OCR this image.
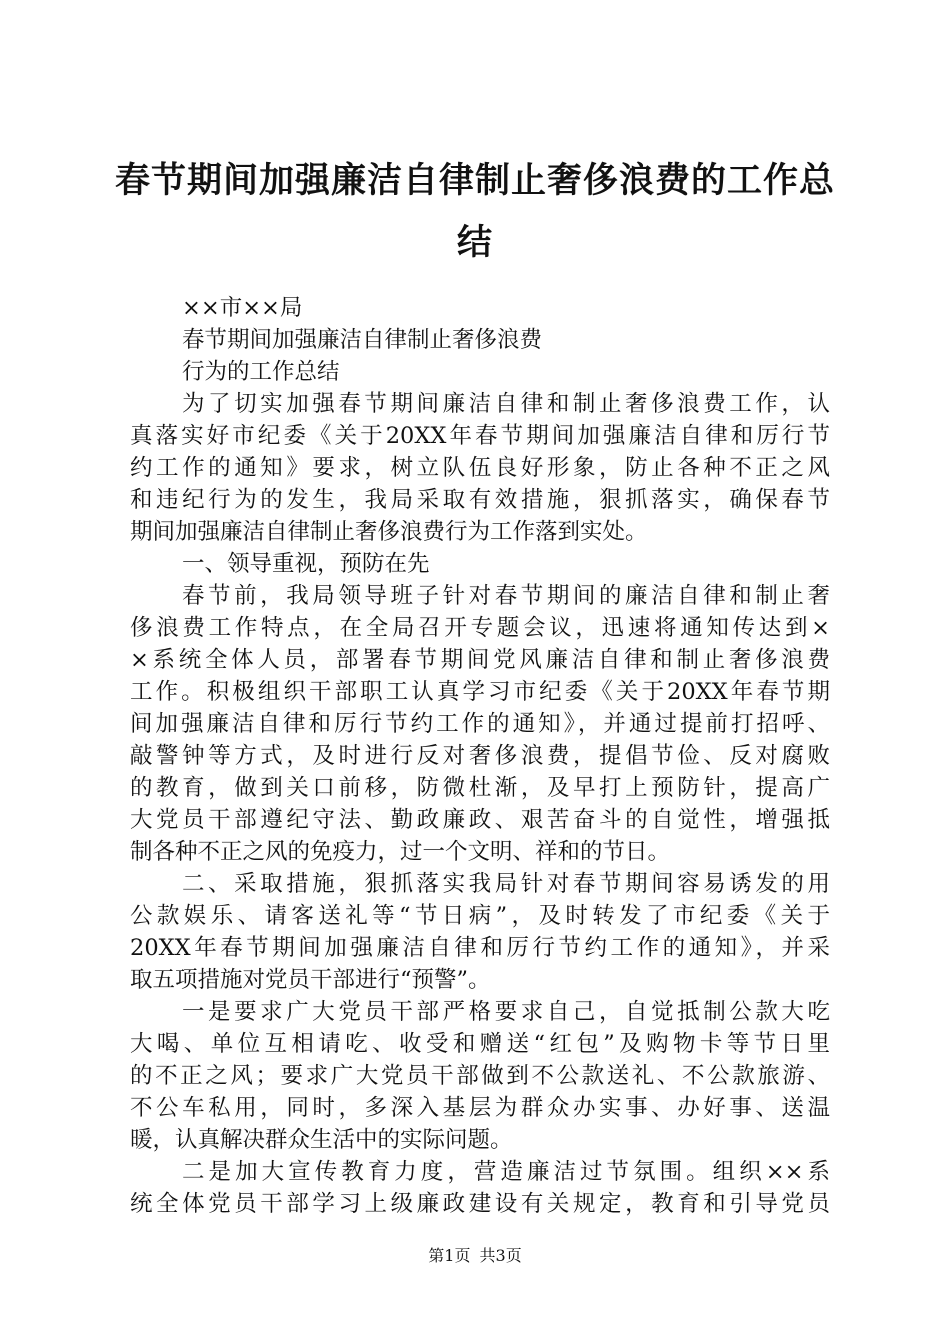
春节期间加强廉洁自律制止奢侈浪费的工作总
结
××市××局
春节期间加强廉洁自律制止奢侈浪费
行为的工作总结
为了切实加强春节期间廉洁自律和制止奢侈浪费工作，认
真落实好市纪委《关于20XX年春节期间加强廉洁自律和厉行节
约工作的通知》要求，树立队伍良好形象，防止各种不正之风
和违纪行为的发生，我局采取有效措施，狠抓落实，确保春节
期间加强廉洁自律制止奢侈浪费行为工作落到实处。
一、领导重视，预防在先
春节前，我局领导班子针对春节期间的廉洁自律和制止奢
侈浪费工作特点，在全局召开专题会议，迅速将通知传达到×
×系统全体人员，部署春节期间党风廉洁自律和制止奢侈浪费
工作。积极组织干部职工认真学习市纪委《关于20XX年春节期
间加强廉洁自律和厉行节约工作的通知》，并通过提前打招呼、
敲警钟等方式，及时进行反对奢侈浪费，提倡节俭、反对腐败
的教育，做到关口前移，防微杜渐，及早打上预防针，提高广
大党员干部遵纪守法、勤政廉政、艰苦奋斗的自觉性，增强抵
制各种不正之风的免疫力，过一个文明、祥和的节日。
二、采取措施，狠抓落实我局针对春节期间容易诱发的用
公款娱乐、请客送礼等“节日病”，及时转发了市纪委《关于
20XX年春节期间加强廉洁自律和厉行节约工作的通知》，并采
取五项措施对党员干部进行“预警”。
一是要求广大党员干部严格要求自己，自觉抵制公款大吃
大喝、单位互相请吃、收受和赠送“红包”及购物卡等节日里
的不正之风；要求广大党员干部做到不公款送礼、不公款旅游、
不公车私用，同时，多深入基层为群众办实事、办好事、送温
暖，认真解决群众生活中的实际问题。
二是加大宣传教育力度，营造廉洁过节氛围。组织××系
统全体党员干部学习上级廉政建设有关规定，教育和引导党员
第1页 共3页
